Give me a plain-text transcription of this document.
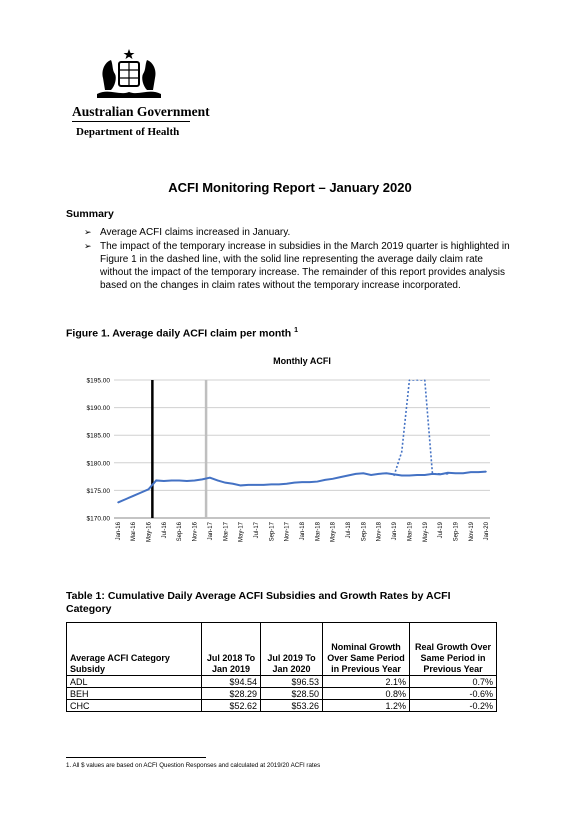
Australian Government
Department of Health
ACFI Monitoring Report – January 2020
Summary
➢ Average ACFI claims increased in January.
➢ The impact of the temporary increase in subsidies in the March 2019 quarter is highlighted in Figure 1 in the dashed line, with the solid line representing the average daily claim rate without the impact of the temporary increase. The remainder of this report provides analysis based on the changes in claim rates without the temporary increase incorporated.
Figure 1. Average daily ACFI claim per month $^1$
Monthly ACFI
$170.00
$175.00
$180.00
$185.00
$190.00
$195.00
Jan-16 Mar-16 May-16 Jul-16 Sep-16 Nov-16 Jan-17 Mar-17 May-17 Jul-17 Sep-17 Nov-17 Jan-18 Mar-18 May-18 Jul-18 Sep-18 Nov-18 Jan-19 Mar-19 May-19 Jul-19 Sep-19 Nov-19 Jan-20
Table 1: Cumulative Daily Average ACFI Subsidies and Growth Rates by ACFI Category
Average ACFI Category Subsidy	Jul 2018 To Jan 2019	Jul 2019 To Jan 2020	Nominal Growth Over Same Period in Previous Year	Real Growth Over Same Period in Previous Year
ADL	$94.54	$96.53	2.1%	0.7%
BEH	$28.29	$28.50	0.8%	-0.6%
CHC	$52.62	$53.26	1.2%	-0.2%
1. All $ values are based on ACFI Question Responses and calculated at 2019/20 ACFI rates
